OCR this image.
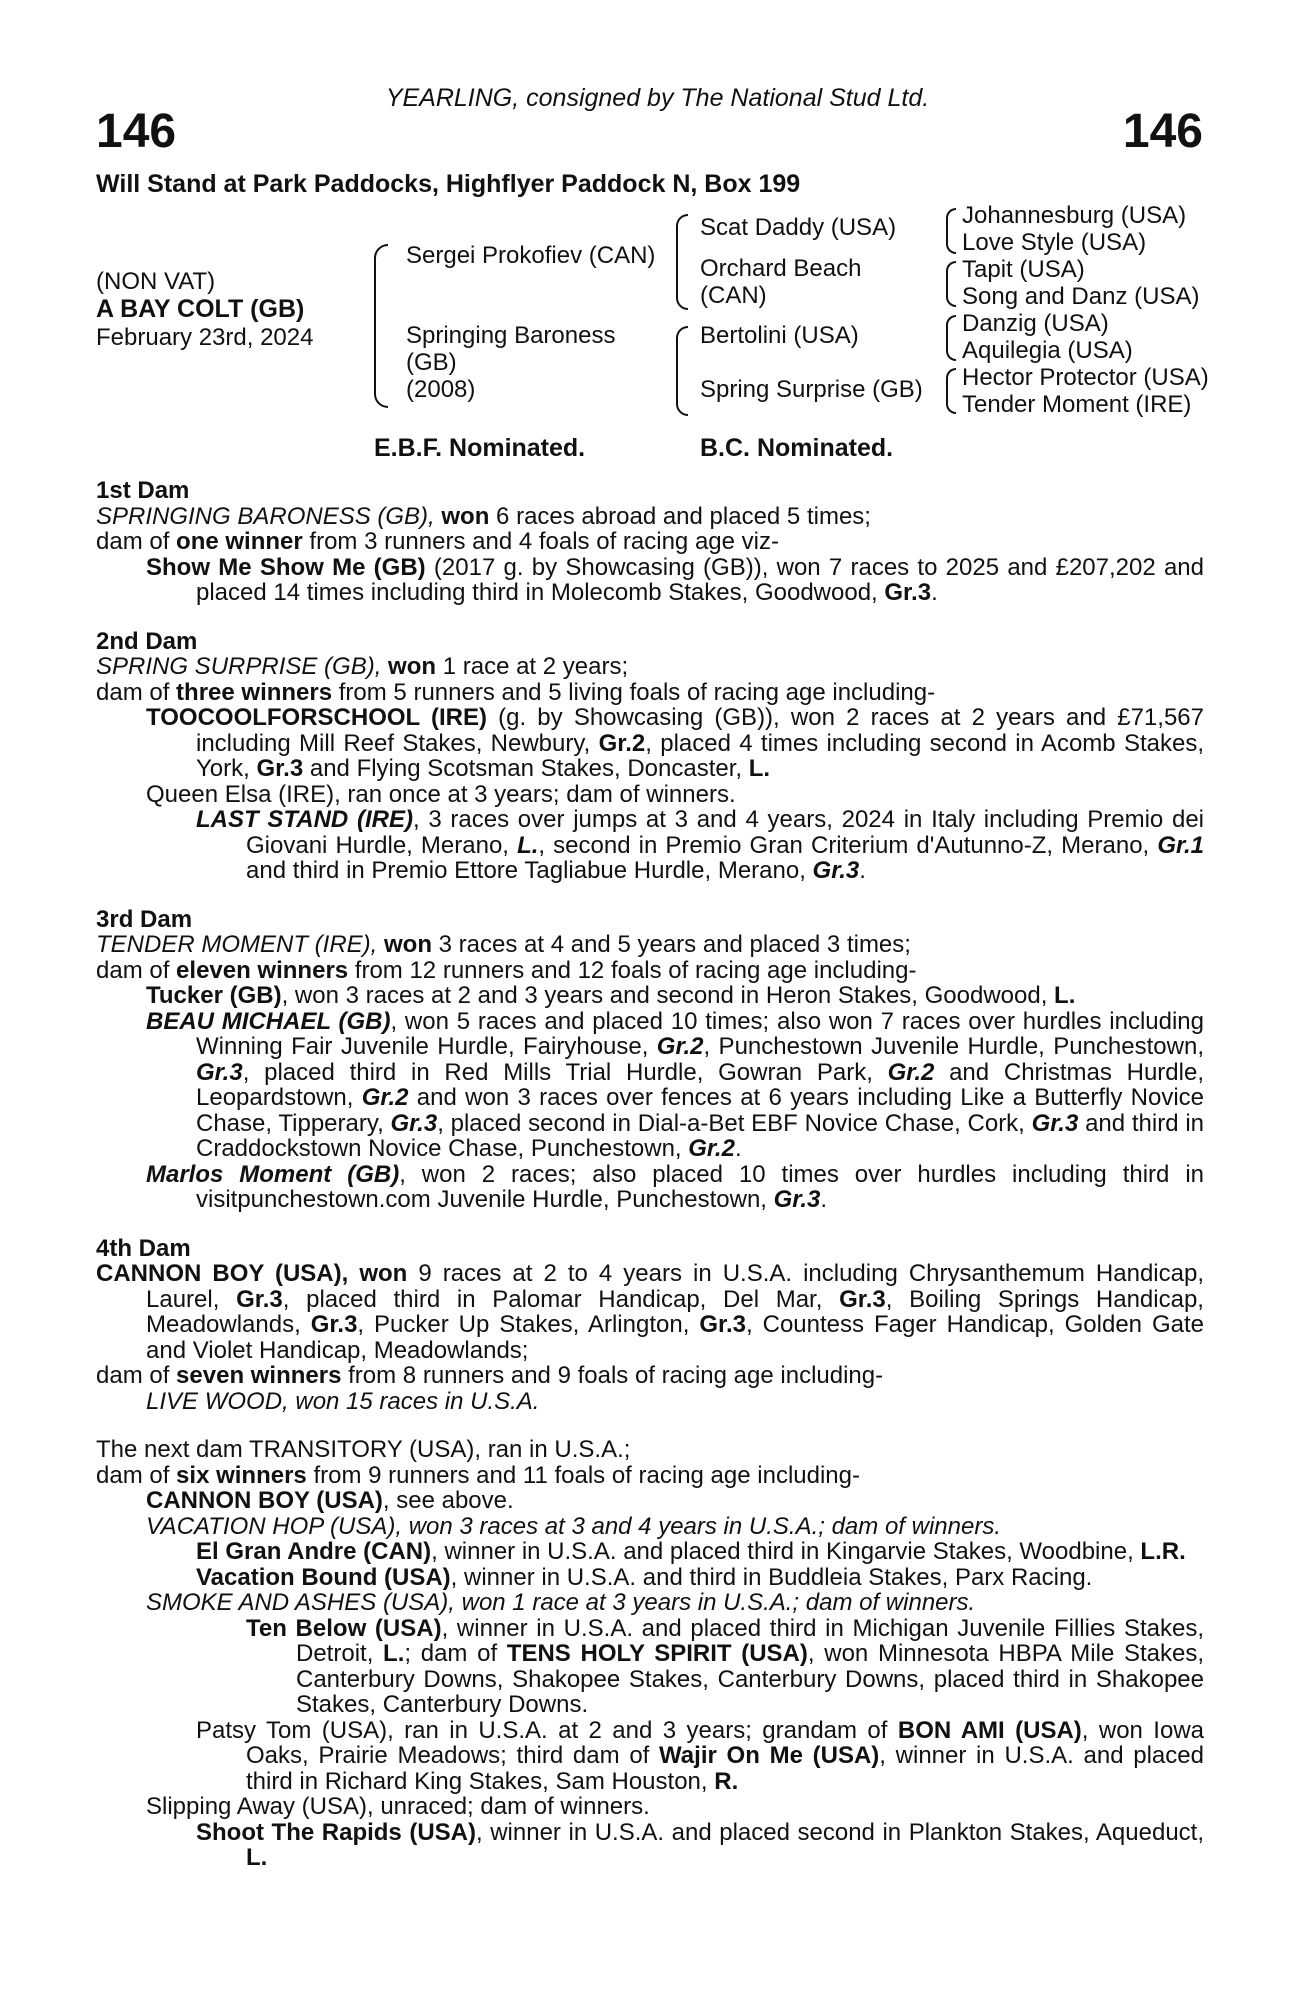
YEARLING, consigned by The National Stud Ltd.
146	146
Will Stand at Park Paddocks, Highflyer Paddock N, Box 199
(NON VAT)
A BAY COLT (GB)
February 23rd, 2024
Sergei Prokofiev (CAN)
Springing Baroness
(GB)
(2008)
Scat Daddy (USA)
Orchard Beach
(CAN)
Bertolini (USA)
Spring Surprise (GB)
Johannesburg (USA)
Love Style (USA)
Tapit (USA)
Song and Danz (USA)
Danzig (USA)
Aquilegia (USA)
Hector Protector (USA)
Tender Moment (IRE)
E.B.F. Nominated.	B.C. Nominated.
1st Dam
SPRINGING BARONESS (GB), won 6 races abroad and placed 5 times;
dam of one winner from 3 runners and 4 foals of racing age viz-
Show Me Show Me (GB) (2017 g. by Showcasing (GB)), won 7 races to 2025 and £207,202 and placed 14 times including third in Molecomb Stakes, Goodwood, Gr.3.
2nd Dam
SPRING SURPRISE (GB), won 1 race at 2 years;
dam of three winners from 5 runners and 5 living foals of racing age including-
TOOCOOLFORSCHOOL (IRE) (g. by Showcasing (GB)), won 2 races at 2 years and £71,567 including Mill Reef Stakes, Newbury, Gr.2, placed 4 times including second in Acomb Stakes, York, Gr.3 and Flying Scotsman Stakes, Doncaster, L.
Queen Elsa (IRE), ran once at 3 years; dam of winners.
LAST STAND (IRE), 3 races over jumps at 3 and 4 years, 2024 in Italy including Premio dei Giovani Hurdle, Merano, L., second in Premio Gran Criterium d'Autunno-Z, Merano, Gr.1 and third in Premio Ettore Tagliabue Hurdle, Merano, Gr.3.
3rd Dam
TENDER MOMENT (IRE), won 3 races at 4 and 5 years and placed 3 times;
dam of eleven winners from 12 runners and 12 foals of racing age including-
Tucker (GB), won 3 races at 2 and 3 years and second in Heron Stakes, Goodwood, L.
BEAU MICHAEL (GB), won 5 races and placed 10 times; also won 7 races over hurdles including Winning Fair Juvenile Hurdle, Fairyhouse, Gr.2, Punchestown Juvenile Hurdle, Punchestown, Gr.3, placed third in Red Mills Trial Hurdle, Gowran Park, Gr.2 and Christmas Hurdle, Leopardstown, Gr.2 and won 3 races over fences at 6 years including Like a Butterfly Novice Chase, Tipperary, Gr.3, placed second in Dial-a-Bet EBF Novice Chase, Cork, Gr.3 and third in Craddockstown Novice Chase, Punchestown, Gr.2.
Marlos Moment (GB), won 2 races; also placed 10 times over hurdles including third in visitpunchestown.com Juvenile Hurdle, Punchestown, Gr.3.
4th Dam
CANNON BOY (USA), won 9 races at 2 to 4 years in U.S.A. including Chrysanthemum Handicap, Laurel, Gr.3, placed third in Palomar Handicap, Del Mar, Gr.3, Boiling Springs Handicap, Meadowlands, Gr.3, Pucker Up Stakes, Arlington, Gr.3, Countess Fager Handicap, Golden Gate and Violet Handicap, Meadowlands;
dam of seven winners from 8 runners and 9 foals of racing age including-
LIVE WOOD, won 15 races in U.S.A.
The next dam TRANSITORY (USA), ran in U.S.A.;
dam of six winners from 9 runners and 11 foals of racing age including-
CANNON BOY (USA), see above.
VACATION HOP (USA), won 3 races at 3 and 4 years in U.S.A.; dam of winners.
El Gran Andre (CAN), winner in U.S.A. and placed third in Kingarvie Stakes, Woodbine, L.R.
Vacation Bound (USA), winner in U.S.A. and third in Buddleia Stakes, Parx Racing.
SMOKE AND ASHES (USA), won 1 race at 3 years in U.S.A.; dam of winners.
Ten Below (USA), winner in U.S.A. and placed third in Michigan Juvenile Fillies Stakes, Detroit, L.; dam of TENS HOLY SPIRIT (USA), won Minnesota HBPA Mile Stakes, Canterbury Downs, Shakopee Stakes, Canterbury Downs, placed third in Shakopee Stakes, Canterbury Downs.
Patsy Tom (USA), ran in U.S.A. at 2 and 3 years; grandam of BON AMI (USA), won Iowa Oaks, Prairie Meadows; third dam of Wajir On Me (USA), winner in U.S.A. and placed third in Richard King Stakes, Sam Houston, R.
Slipping Away (USA), unraced; dam of winners.
Shoot The Rapids (USA), winner in U.S.A. and placed second in Plankton Stakes, Aqueduct, L.
